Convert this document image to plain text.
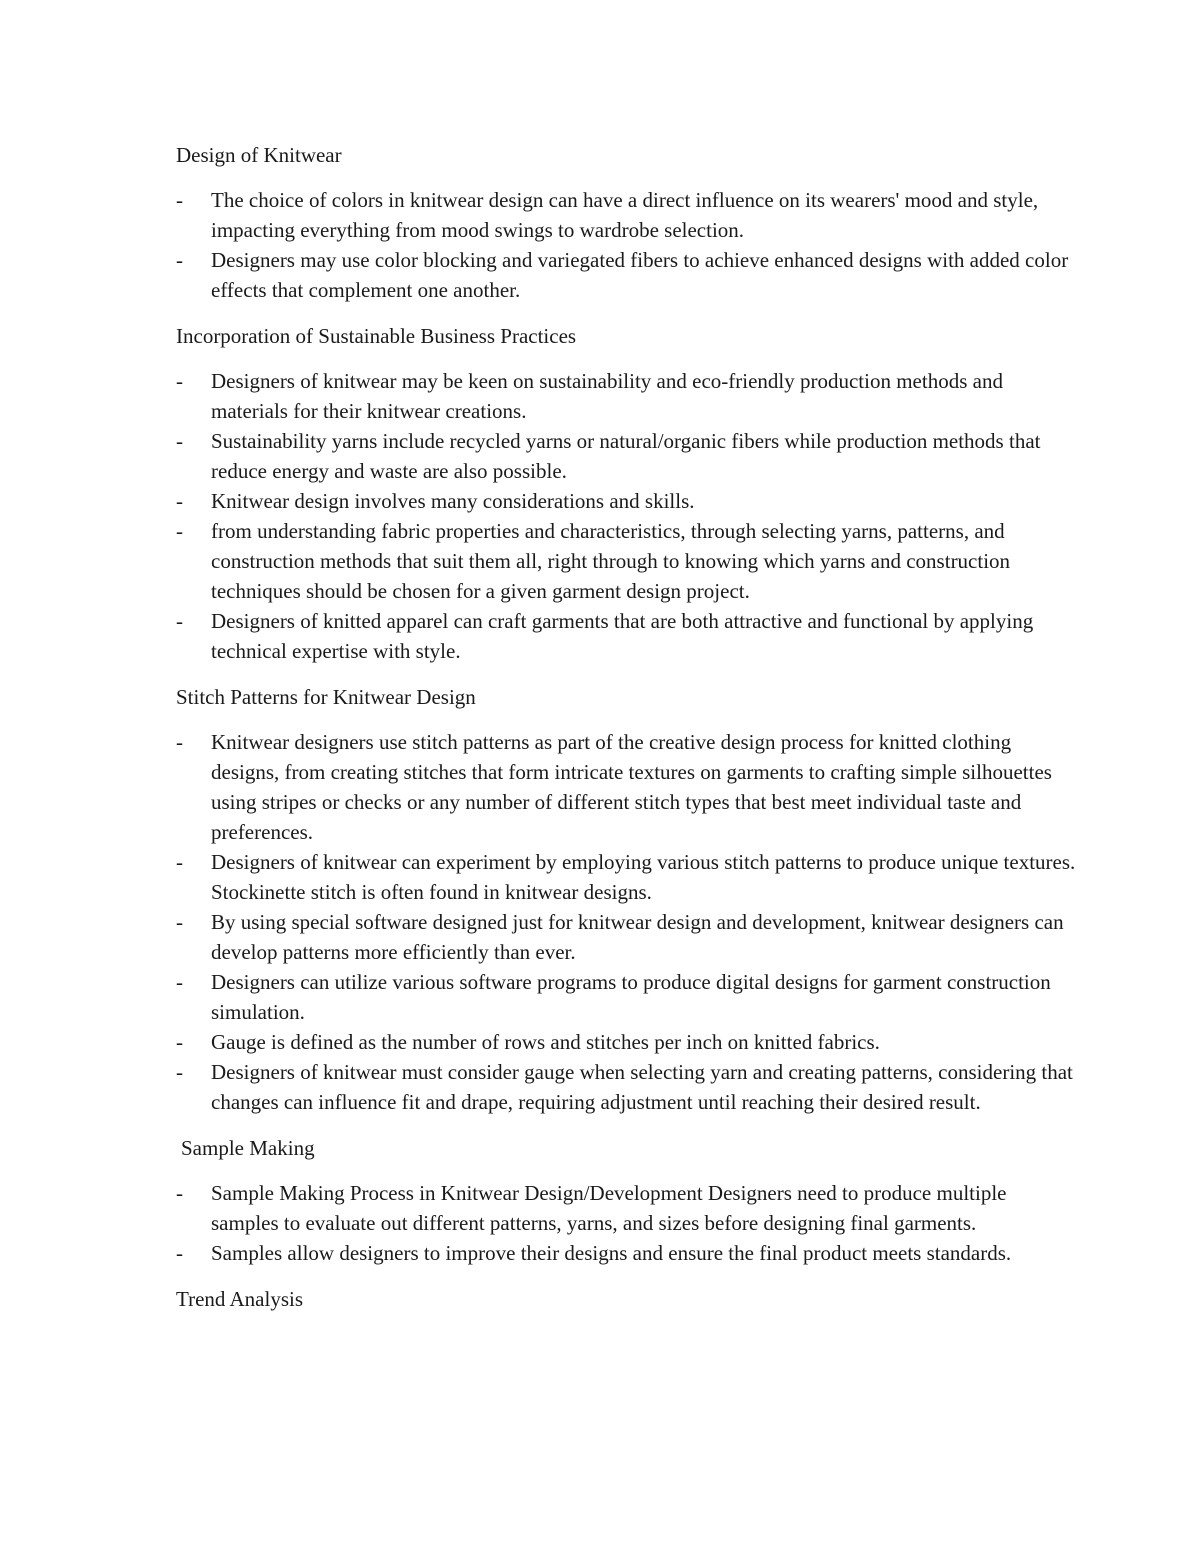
Design of Knitwear
- The choice of colors in knitwear design can have a direct influence on its wearers' mood and style, impacting everything from mood swings to wardrobe selection.
- Designers may use color blocking and variegated fibers to achieve enhanced designs with added color effects that complement one another.
Incorporation of Sustainable Business Practices
- Designers of knitwear may be keen on sustainability and eco-friendly production methods and materials for their knitwear creations.
- Sustainability yarns include recycled yarns or natural/organic fibers while production methods that reduce energy and waste are also possible.
- Knitwear design involves many considerations and skills.
- from understanding fabric properties and characteristics, through selecting yarns, patterns, and construction methods that suit them all, right through to knowing which yarns and construction techniques should be chosen for a given garment design project.
- Designers of knitted apparel can craft garments that are both attractive and functional by applying technical expertise with style.
Stitch Patterns for Knitwear Design
- Knitwear designers use stitch patterns as part of the creative design process for knitted clothing designs, from creating stitches that form intricate textures on garments to crafting simple silhouettes using stripes or checks or any number of different stitch types that best meet individual taste and preferences.
- Designers of knitwear can experiment by employing various stitch patterns to produce unique textures. Stockinette stitch is often found in knitwear designs.
- By using special software designed just for knitwear design and development, knitwear designers can develop patterns more efficiently than ever.
- Designers can utilize various software programs to produce digital designs for garment construction simulation.
- Gauge is defined as the number of rows and stitches per inch on knitted fabrics.
- Designers of knitwear must consider gauge when selecting yarn and creating patterns, considering that changes can influence fit and drape, requiring adjustment until reaching their desired result.
Sample Making
- Sample Making Process in Knitwear Design/Development Designers need to produce multiple samples to evaluate out different patterns, yarns, and sizes before designing final garments.
- Samples allow designers to improve their designs and ensure the final product meets standards.
Trend Analysis
